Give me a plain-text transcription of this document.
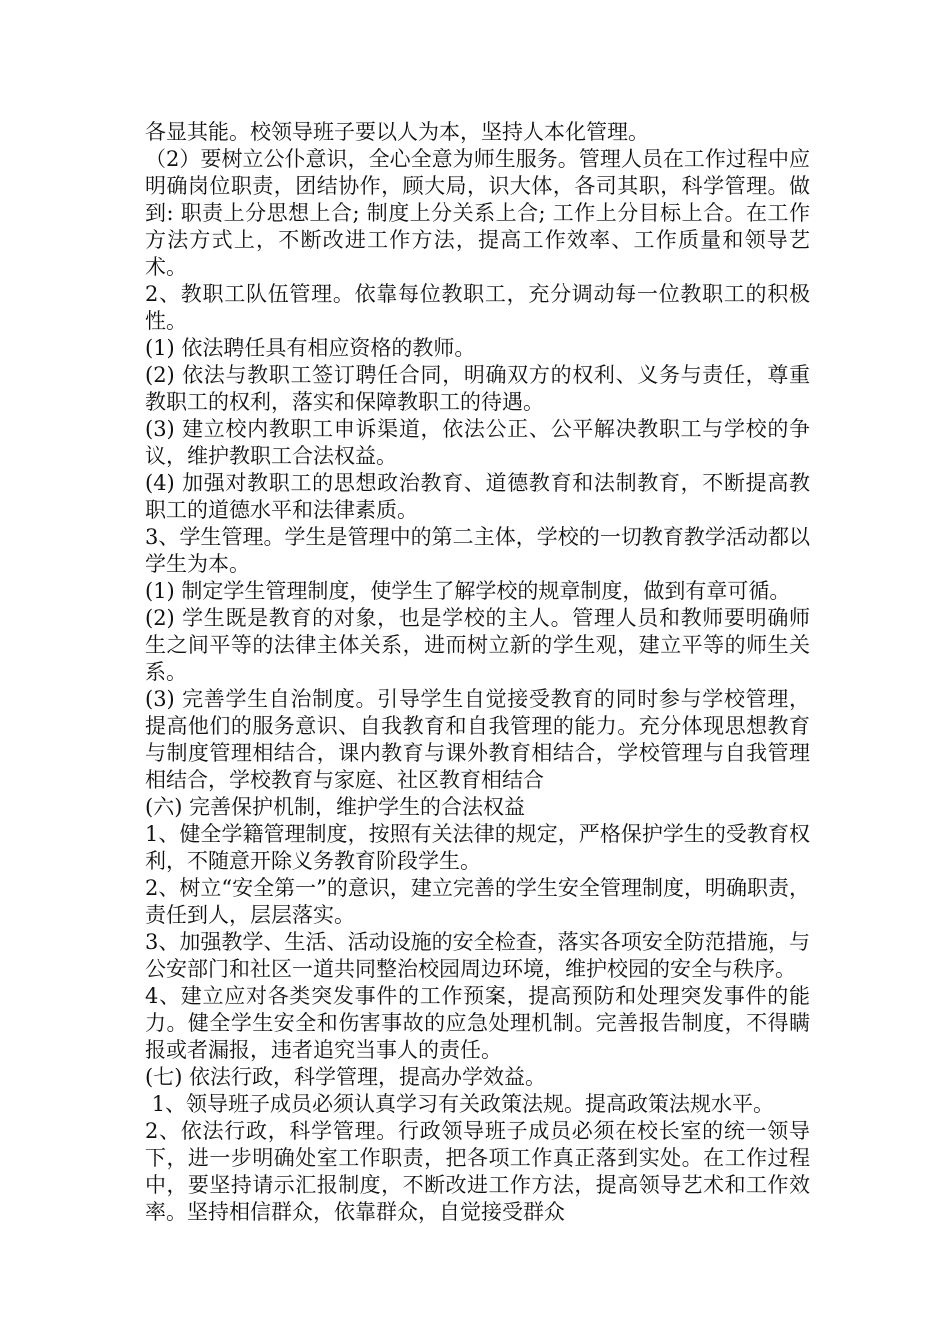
各显其能。校领导班子要以人为本，坚持人本化管理。

（2）要树立公仆意识，全心全意为师生服务。管理人员在工作过程中应明确岗位职责，团结协作，顾大局，识大体，各司其职，科学管理。做到: 职责上分思想上合; 制度上分关系上合; 工作上分目标上合。在工作方法方式上，不断改进工作方法，提高工作效率、工作质量和领导艺术。

2、教职工队伍管理。依靠每位教职工，充分调动每一位教职工的积极性。

(1) 依法聘任具有相应资格的教师。

(2) 依法与教职工签订聘任合同，明确双方的权利、义务与责任，尊重教职工的权利，落实和保障教职工的待遇。

(3) 建立校内教职工申诉渠道，依法公正、公平解决教职工与学校的争议，维护教职工合法权益。

(4) 加强对教职工的思想政治教育、道德教育和法制教育，不断提高教职工的道德水平和法律素质。

3、学生管理。学生是管理中的第二主体，学校的一切教育教学活动都以学生为本。

(1) 制定学生管理制度，使学生了解学校的规章制度，做到有章可循。

(2) 学生既是教育的对象，也是学校的主人。管理人员和教师要明确师生之间平等的法律主体关系，进而树立新的学生观，建立平等的师生关系。

(3) 完善学生自治制度。引导学生自觉接受教育的同时参与学校管理，提高他们的服务意识、自我教育和自我管理的能力。充分体现思想教育与制度管理相结合，课内教育与课外教育相结合，学校管理与自我管理相结合，学校教育与家庭、社区教育相结合

(六) 完善保护机制，维护学生的合法权益

1、健全学籍管理制度，按照有关法律的规定，严格保护学生的受教育权利，不随意开除义务教育阶段学生。

2、树立“安全第一”的意识，建立完善的学生安全管理制度，明确职责，责任到人，层层落实。

3、加强教学、生活、活动设施的安全检查，落实各项安全防范措施，与公安部门和社区一道共同整治校园周边环境，维护校园的安全与秩序。

4、建立应对各类突发事件的工作预案，提高预防和处理突发事件的能力。健全学生安全和伤害事故的应急处理机制。完善报告制度，不得瞒报或者漏报，违者追究当事人的责任。

(七) 依法行政，科学管理，提高办学效益。

1、领导班子成员必须认真学习有关政策法规。提高政策法规水平。

2、依法行政，科学管理。行政领导班子成员必须在校长室的统一领导下，进一步明确处室工作职责，把各项工作真正落到实处。在工作过程中，要坚持请示汇报制度，不断改进工作方法，提高领导艺术和工作效率。坚持相信群众，依靠群众，自觉接受群众
